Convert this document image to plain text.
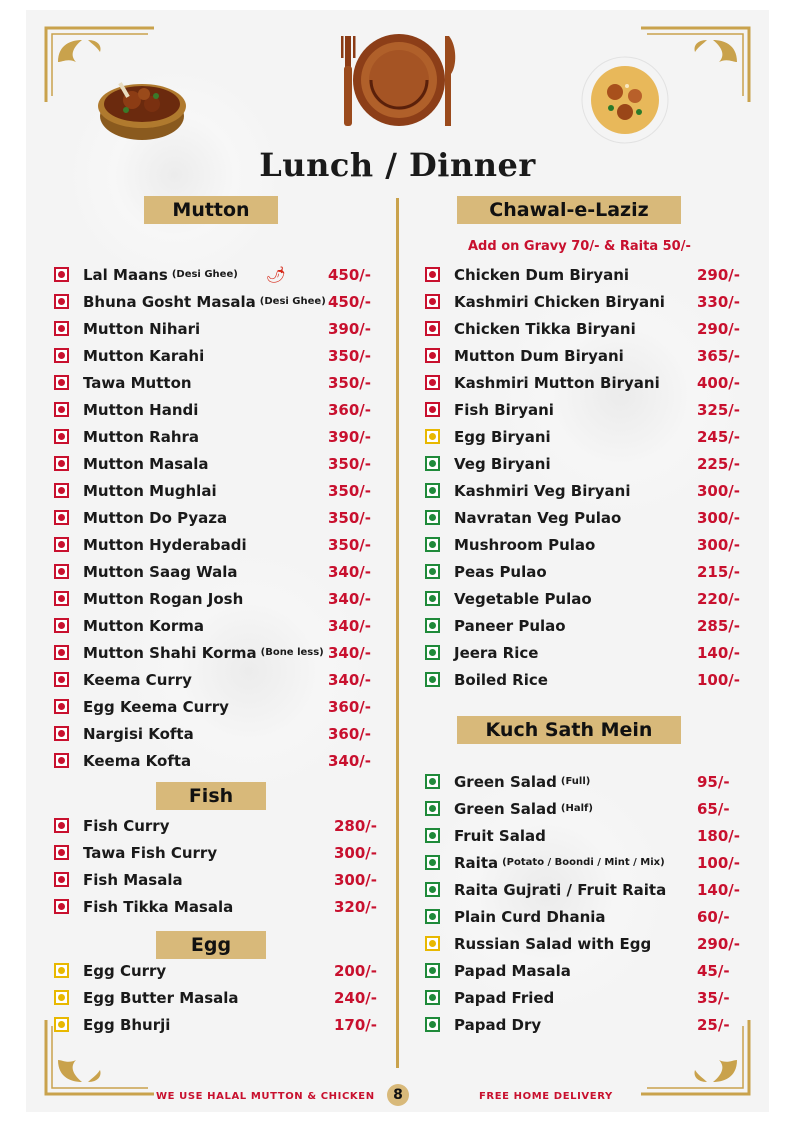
Lunch / Dinner
Mutton
Lal Maans (Desi Ghee) 🌶	450/-
Bhuna Gosht Masala (Desi Ghee) 450/-
Mutton Nihari	390/-
Mutton Karahi	350/-
Tawa Mutton	350/-
Mutton Handi	360/-
Mutton Rahra	390/-
Mutton Masala	350/-
Mutton Mughlai	350/-
Mutton Do Pyaza	350/-
Mutton Hyderabadi	350/-
Mutton Saag Wala	340/-
Mutton Rogan Josh	340/-
Mutton Korma	340/-
Mutton Shahi Korma (Bone less) 340/-
Keema Curry	340/-
Egg Keema Curry	360/-
Nargisi Kofta	360/-
Keema Kofta	340/-
Fish
Fish Curry	280/-
Tawa Fish Curry	300/-
Fish Masala	300/-
Fish Tikka Masala	320/-
Egg
Egg Curry	200/-
Egg Butter Masala	240/-
Egg Bhurji	170/-
Chawal-e-Laziz
Add on Gravy 70/- & Raita 50/-
Chicken Dum Biryani	290/-
Kashmiri Chicken Biryani 330/-
Chicken Tikka Biryani	290/-
Mutton Dum Biryani	365/-
Kashmiri Mutton Biryani 400/-
Fish Biryani	325/-
Egg Biryani	245/-
Veg Biryani	225/-
Kashmiri Veg Biryani	300/-
Navratan Veg Pulao	300/-
Mushroom Pulao	300/-
Peas Pulao	215/-
Vegetable Pulao	220/-
Paneer Pulao	285/-
Jeera Rice	140/-
Boiled Rice	100/-
Kuch Sath Mein
Green Salad (Full)	95/-
Green Salad (Half)	65/-
Fruit Salad	180/-
Raita (Potato / Boondi / Mint / Mix) 100/-
Raita Gujrati / Fruit Raita 140/-
Plain Curd Dhania	60/-
Russian Salad with Egg	290/-
Papad Masala	45/-
Papad Fried	35/-
Papad Dry	25/-
WE USE HALAL MUTTON & CHICKEN	8	FREE HOME DELIVERY
